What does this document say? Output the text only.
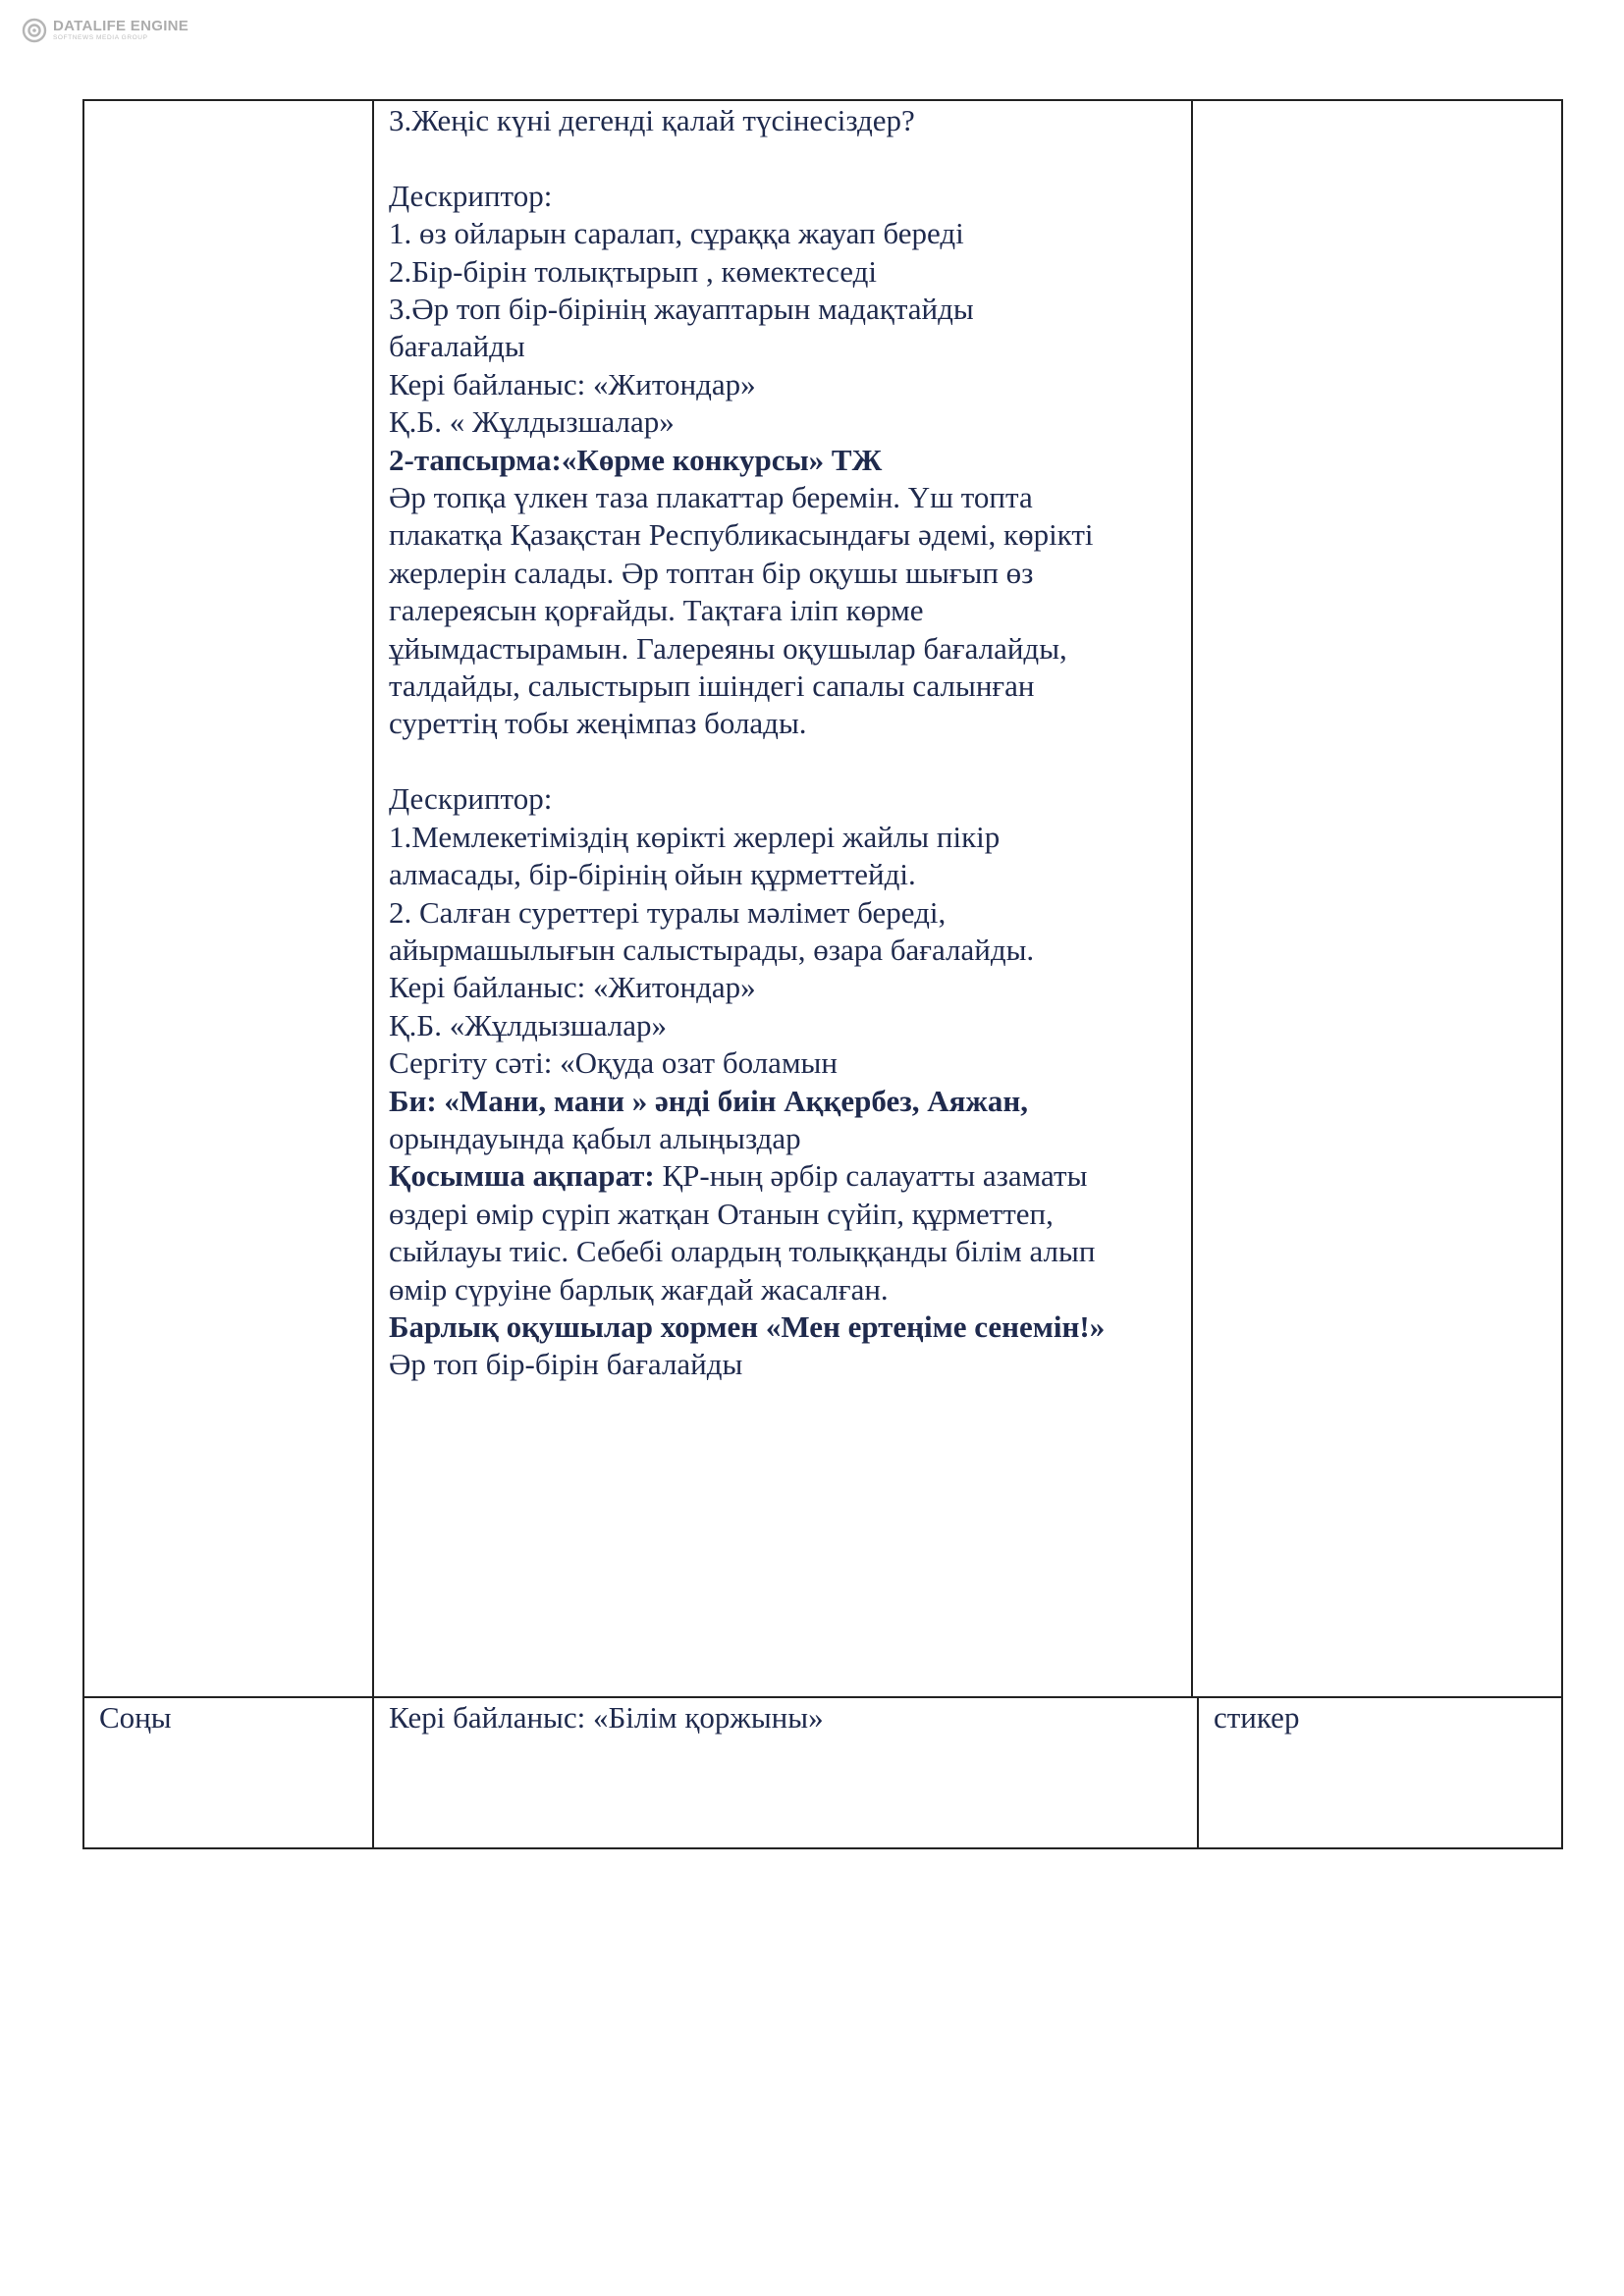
DATALIFE ENGINE
SOFTNEWS MEDIA GROUP

3.Жеңіс күні дегенді қалай түсінесіздер?

Дескриптор:

1. өз ойларын саралап, сұраққа жауап береді

2.Бір-бірін толықтырып , көмектеседі

3.Әр топ бір-бірінің жауаптарын мадақтайды

бағалайды

Кері байланыс: «Житондар»

Қ.Б. « Жұлдызшалар»

2-тапсырма:«Көрме конкурсы» ТЖ

Әр топқа үлкен таза плакаттар беремін. Үш топта

плакатқа Қазақстан Республикасындағы әдемі, көрікті

жерлерін салады. Әр топтан бір оқушы шығып өз

галереясын қорғайды. Тақтаға іліп көрме

ұйымдастырамын. Галереяны оқушылар бағалайды,

талдайды, салыстырып ішіндегі сапалы салынған

суреттің тобы жеңімпаз болады.

Дескриптор:

1.Мемлекетіміздің көрікті жерлері жайлы пікір

алмасады, бір-бірінің ойын құрметтейді.

2. Салған суреттері туралы мәлімет береді,

айырмашылығын салыстырады, өзара бағалайды.

Кері байланыс: «Житондар»

Қ.Б. «Жұлдызшалар»

Сергіту сәті: «Оқуда озат боламын

Би: «Мани, мани » әнді биін Аққербез, Аяжан,

орындауында қабыл алыңыздар

Қосымша ақпарат: ҚР-ның әрбір салауатты азаматы

өздері өмір сүріп жатқан Отанын сүйіп, құрметтеп,

сыйлауы тиіс. Себебі олардың толыққанды білім алып

өмір сүруіне барлық жағдай жасалған.

Барлық оқушылар хормен «Мен ертеңіме сенемін!»

Әр топ бір-бірін бағалайды

Соңы	Кері байланыс: «Білім қоржыны»	стикер
